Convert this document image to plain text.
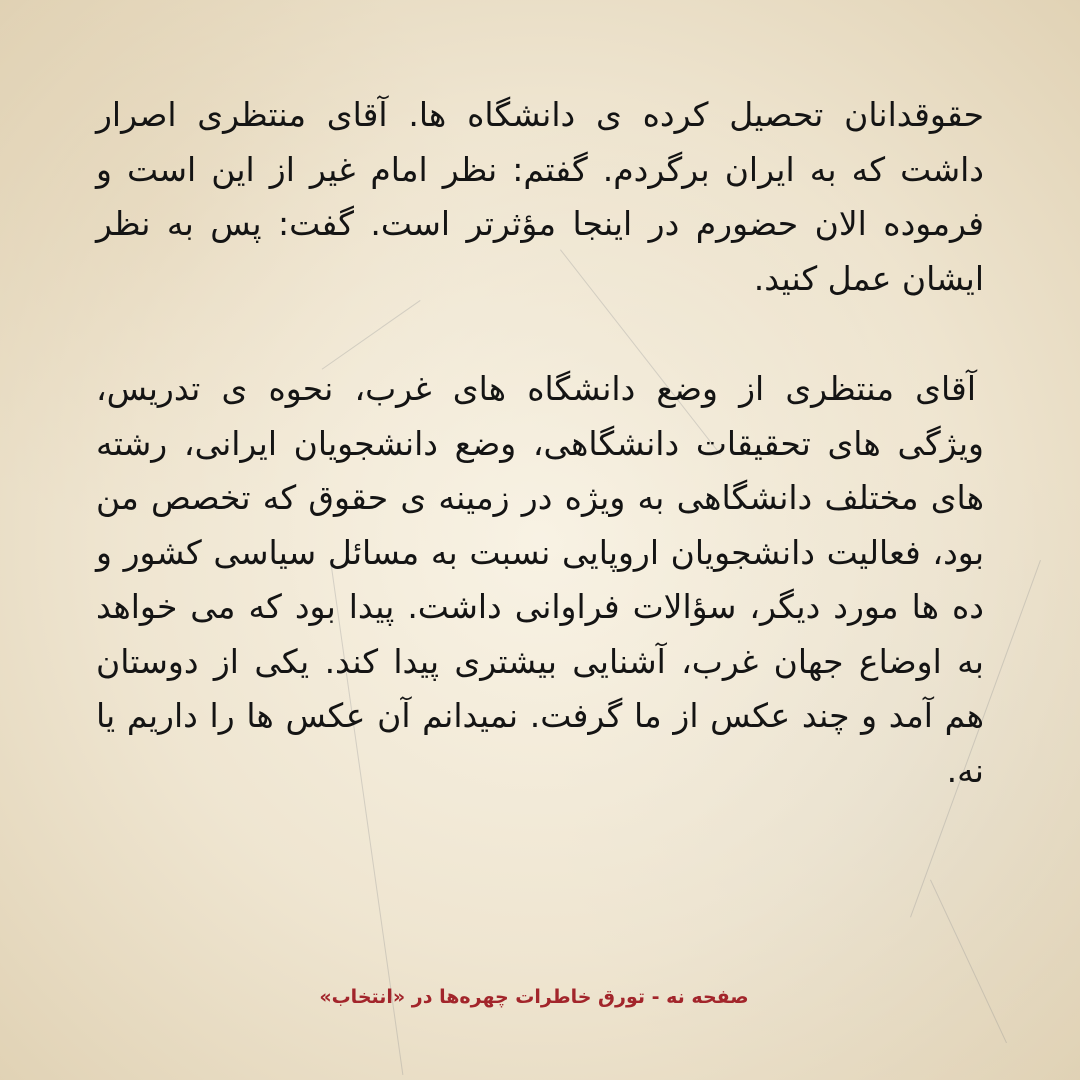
حقوقدانان تحصیل کرده ی دانشگاه ها. آقای منتظری اصرار داشت که به ایران برگردم. گفتم: نظر امام غیر از این است و فرموده الان حضورم در اینجا مؤثرتر است. گفت: پس به نظر ایشان عمل کنید.

آقای منتظری از وضع دانشگاه های غرب، نحوه ی تدریس، ویژگی های تحقیقات دانشگاهی، وضع دانشجویان ایرانی، رشته های مختلف دانشگاهی به ویژه در زمینه ی حقوق که تخصص من بود، فعالیت دانشجویان اروپایی نسبت به مسائل سیاسی کشور و ده ها مورد دیگر، سؤالات فراوانی داشت. پیدا بود که می خواهد به اوضاع جهان غرب، آشنایی بیشتری پیدا کند. یکی از دوستان هم آمد و چند عکس از ما گرفت. نمیدانم آن عکس ها را داریم یا نه.

صفحه نه - تورق خاطرات چهره‌ها در «انتخاب»
